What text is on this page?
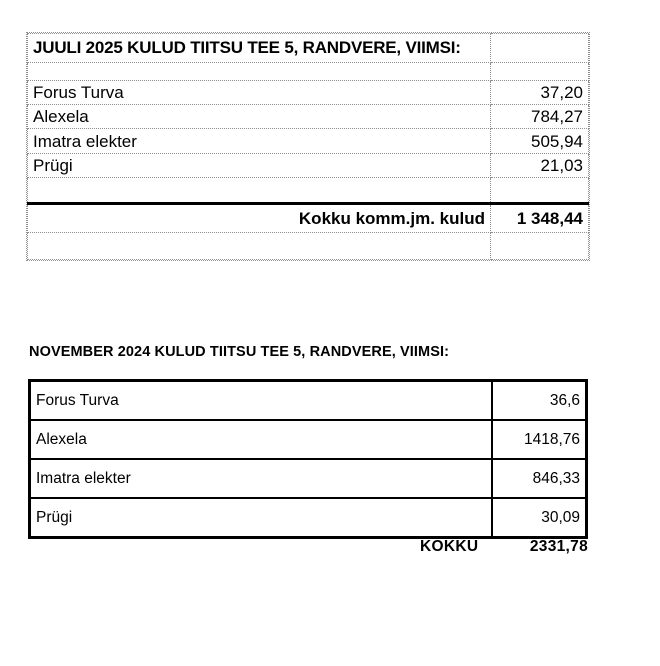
JUULI 2025 KULUD TIITSU TEE 5, RANDVERE, VIIMSI:	

Forus Turva	37,20
Alexela	784,27
Imatra elekter	505,94
Prügi	21,03

Kokku komm.jm. kulud	1 348,44

NOVEMBER 2024 KULUD TIITSU TEE 5, RANDVERE, VIIMSI:
Forus Turva	36,6
Alexela	1418,76
Imatra elekter	846,33
Prügi	30,09
KOKKU	2331,78
